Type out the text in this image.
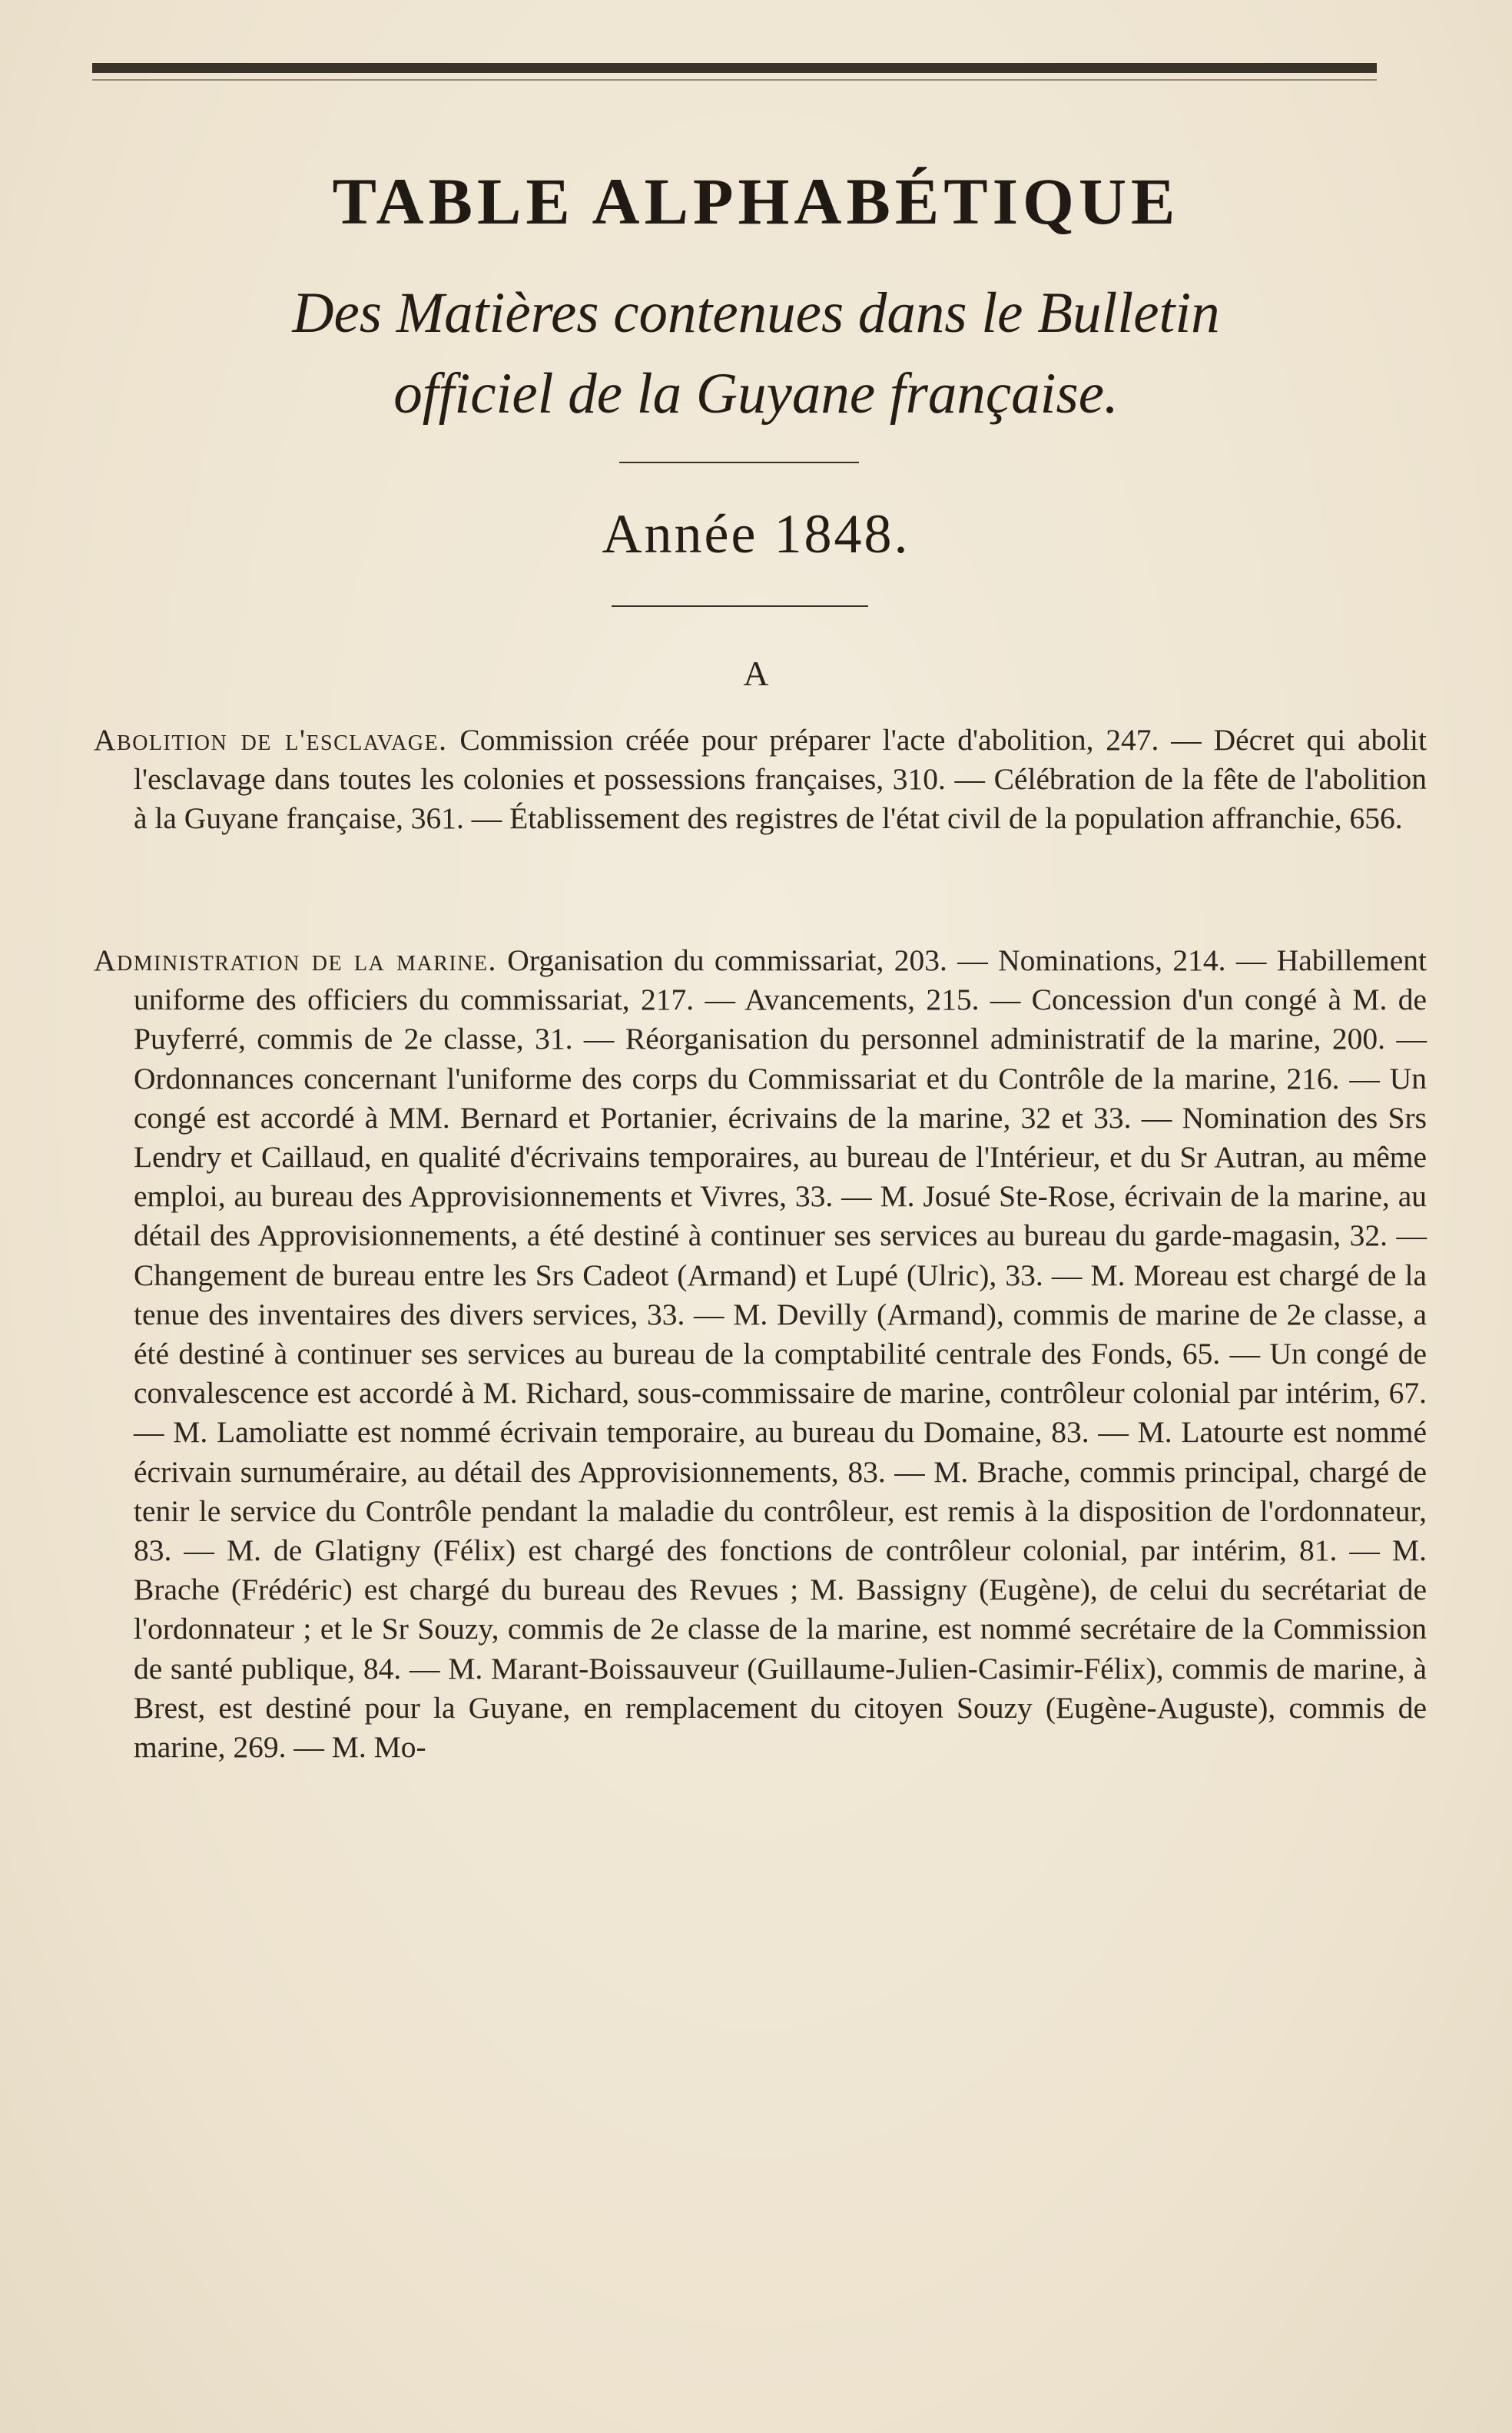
TABLE ALPHABÉTIQUE

Des Matières contenues dans le Bulletin

officiel de la Guyane française.

Année 1848.

A

Abolition de l'esclavage. Commission créée pour préparer l'acte d'abolition, 247. — Décret qui abolit l'esclavage dans toutes les colonies et possessions françaises, 310. — Célébration de la fête de l'abolition à la Guyane française, 361. — Établissement des registres de l'état civil de la population affranchie, 656.

Administration de la marine. Organisation du commissariat, 203. — Nominations, 214. — Habillement uniforme des officiers du commissariat, 217. — Avancements, 215. — Concession d'un congé à M. de Puyferré, commis de 2e classe, 31. — Réorganisation du personnel administratif de la marine, 200. — Ordonnances concernant l'uniforme des corps du Commissariat et du Contrôle de la marine, 216. — Un congé est accordé à MM. Bernard et Portanier, écrivains de la marine, 32 et 33. — Nomination des Srs Lendry et Caillaud, en qualité d'écrivains temporaires, au bureau de l'Intérieur, et du Sr Autran, au même emploi, au bureau des Approvisionnements et Vivres, 33. — M. Josué Ste-Rose, écrivain de la marine, au détail des Approvisionnements, a été destiné à continuer ses services au bureau du garde-magasin, 32. — Changement de bureau entre les Srs Cadeot (Armand) et Lupé (Ulric), 33. — M. Moreau est chargé de la tenue des inventaires des divers services, 33. — M. Devilly (Armand), commis de marine de 2e classe, a été destiné à continuer ses services au bureau de la comptabilité centrale des Fonds, 65. — Un congé de convalescence est accordé à M. Richard, sous-commissaire de marine, contrôleur colonial par intérim, 67. — M. Lamoliatte est nommé écrivain temporaire, au bureau du Domaine, 83. — M. Latourte est nommé écrivain surnuméraire, au détail des Approvisionnements, 83. — M. Brache, commis principal, chargé de tenir le service du Contrôle pendant la maladie du contrôleur, est remis à la disposition de l'ordonnateur, 83. — M. de Glatigny (Félix) est chargé des fonctions de contrôleur colonial, par intérim, 81. — M. Brache (Frédéric) est chargé du bureau des Revues ; M. Bassigny (Eugène), de celui du secrétariat de l'ordonnateur ; et le Sr Souzy, commis de 2e classe de la marine, est nommé secrétaire de la Commission de santé publique, 84. — M. Marant-Boissauveur (Guillaume-Julien-Casimir-Félix), commis de marine, à Brest, est destiné pour la Guyane, en remplacement du citoyen Souzy (Eugène-Auguste), commis de marine, 269. — M. Mo-
